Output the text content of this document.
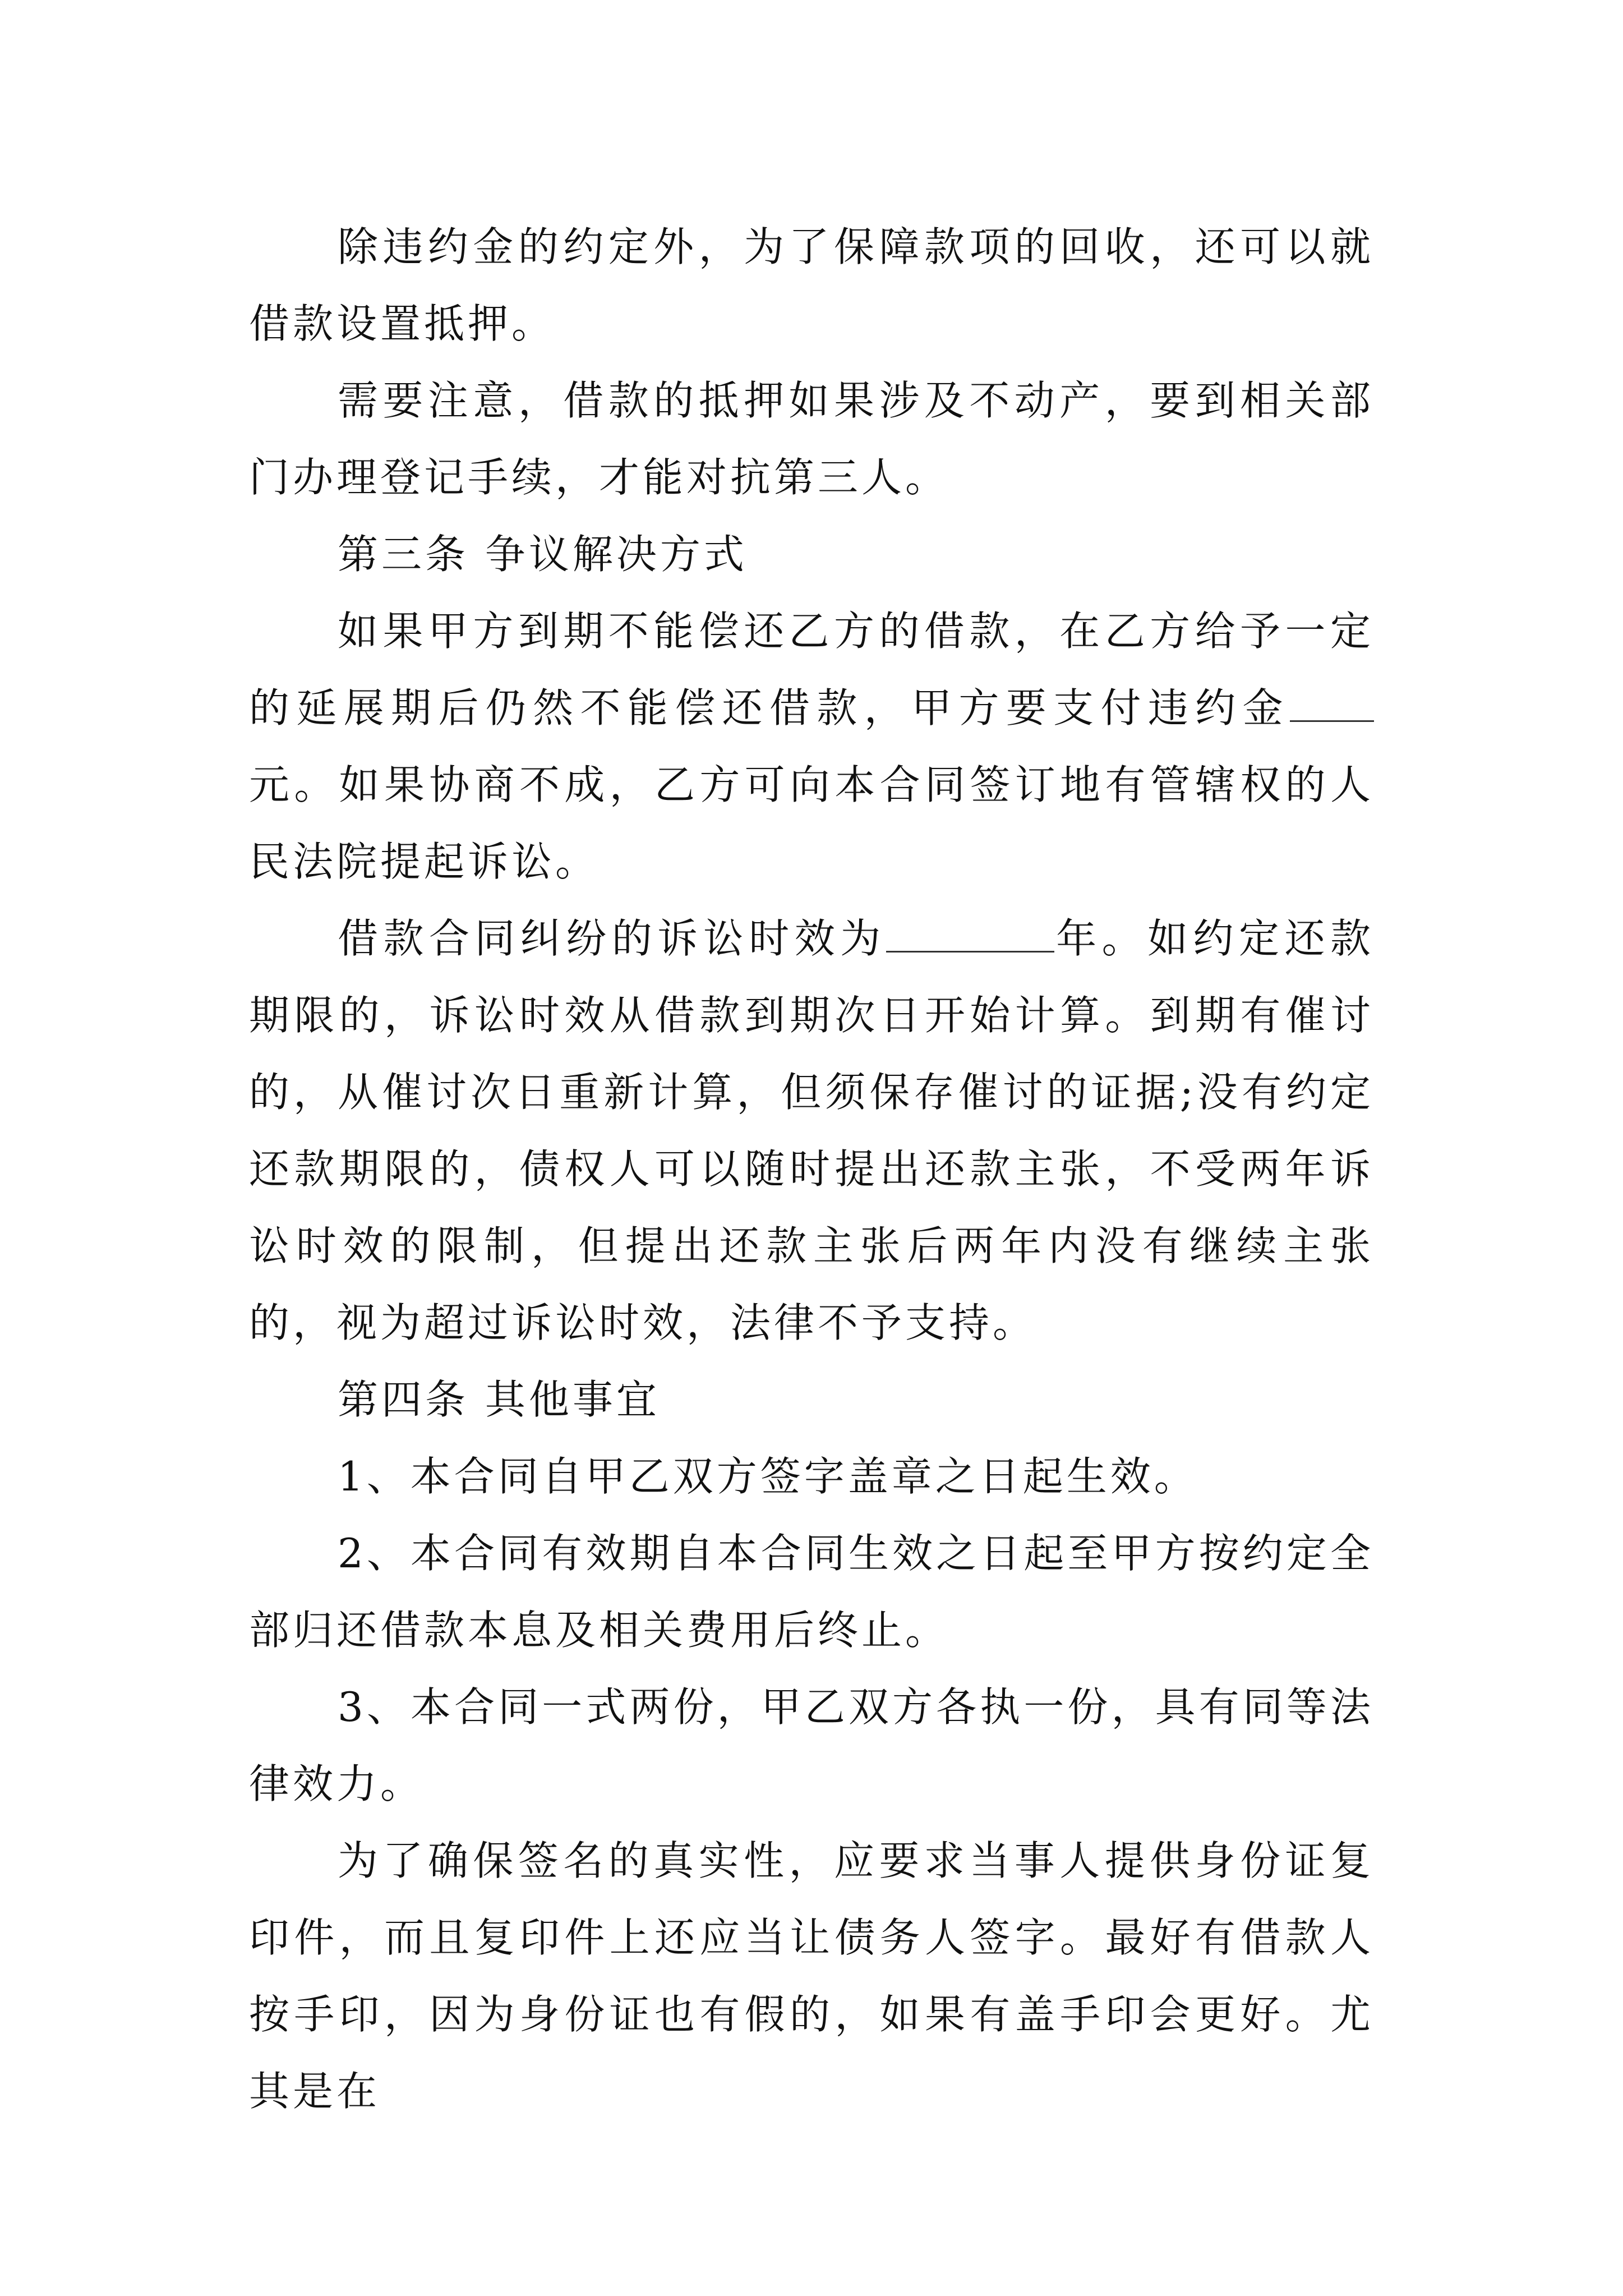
除违约金的约定外，为了保障款项的回收，还可以就借款设置抵押。

需要注意，借款的抵押如果涉及不动产，要到相关部门办理登记手续，才能对抗第三人。

第三条 争议解决方式

如果甲方到期不能偿还乙方的借款，在乙方给予一定的延展期后仍然不能偿还借款，甲方要支付违约金元。如果协商不成，乙方可向本合同签订地有管辖权的人民法院提起诉讼。

借款合同纠纷的诉讼时效为	年。如约定还款期限的，诉讼时效从借款到期次日开始计算。到期有催讨的，从催讨次日重新计算，但须保存催讨的证据;没有约定还款期限的，债权人可以随时提出还款主张，不受两年诉讼时效的限制，但提出还款主张后两年内没有继续主张的，视为超过诉讼时效，法律不予支持。

第四条 其他事宜

1、本合同自甲乙双方签字盖章之日起生效。

2、本合同有效期自本合同生效之日起至甲方按约定全部归还借款本息及相关费用后终止。

3、本合同一式两份，甲乙双方各执一份，具有同等法律效力。

为了确保签名的真实性，应要求当事人提供身份证复印件，而且复印件上还应当让债务人签字。最好有借款人按手印，因为身份证也有假的，如果有盖手印会更好。尤其是在
